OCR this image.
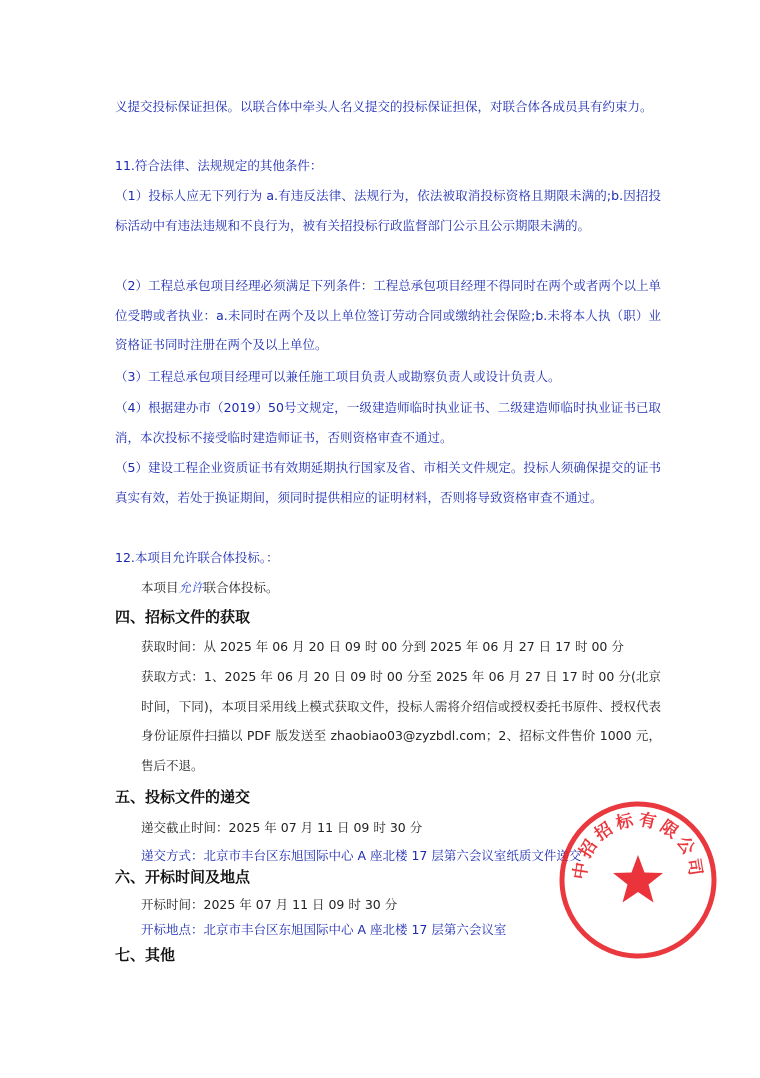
义提交投标保证担保。以联合体中牵头人名义提交的投标保证担保，对联合体各成员具有约束力。

11.符合法律、法规规定的其他条件：

（1）投标人应无下列行为 a.有违反法律、法规行为，依法被取消投标资格且期限未满的;b.因招投标活动中有违法违规和不良行为，被有关招投标行政监督部门公示且公示期限未满的。

（2）工程总承包项目经理必须满足下列条件：工程总承包项目经理不得同时在两个或者两个以上单位受聘或者执业：a.未同时在两个及以上单位签订劳动合同或缴纳社会保险;b.未将本人执（职）业资格证书同时注册在两个及以上单位。

（3）工程总承包项目经理可以兼任施工项目负责人或勘察负责人或设计负责人。

（4）根据建办市（2019）50号文规定，一级建造师临时执业证书、二级建造师临时执业证书已取消，本次投标不接受临时建造师证书，否则资格审查不通过。

（5）建设工程企业资质证书有效期延期执行国家及省、市相关文件规定。投标人须确保提交的证书真实有效，若处于换证期间，须同时提供相应的证明材料，否则将导致资格审查不通过。

12.本项目允许联合体投标。：

本项目允许联合体投标。

四、招标文件的获取

获取时间：从 2025 年 06 月 20 日 09 时 00 分到 2025 年 06 月 27 日 17 时 00 分

获取方式：1、2025 年 06 月 20 日 09 时 00 分至 2025 年 06 月 27 日 17 时 00 分(北京时间，下同)，本项目采用线上模式获取文件，投标人需将介绍信或授权委托书原件、授权代表身份证原件扫描以 PDF 版发送至 zhaobiao03@zyzbdl.com；2、招标文件售价 1000 元，售后不退。

五、投标文件的递交

递交截止时间：2025 年 07 月 11 日 09 时 30 分

递交方式：北京市丰台区东旭国际中心 A 座北楼 17 层第六会议室纸质文件递交

六、开标时间及地点

开标时间：2025 年 07 月 11 日 09 时 30 分

开标地点：北京市丰台区东旭国际中心 A 座北楼 17 层第六会议室

七、其他
中招招标有限公司
